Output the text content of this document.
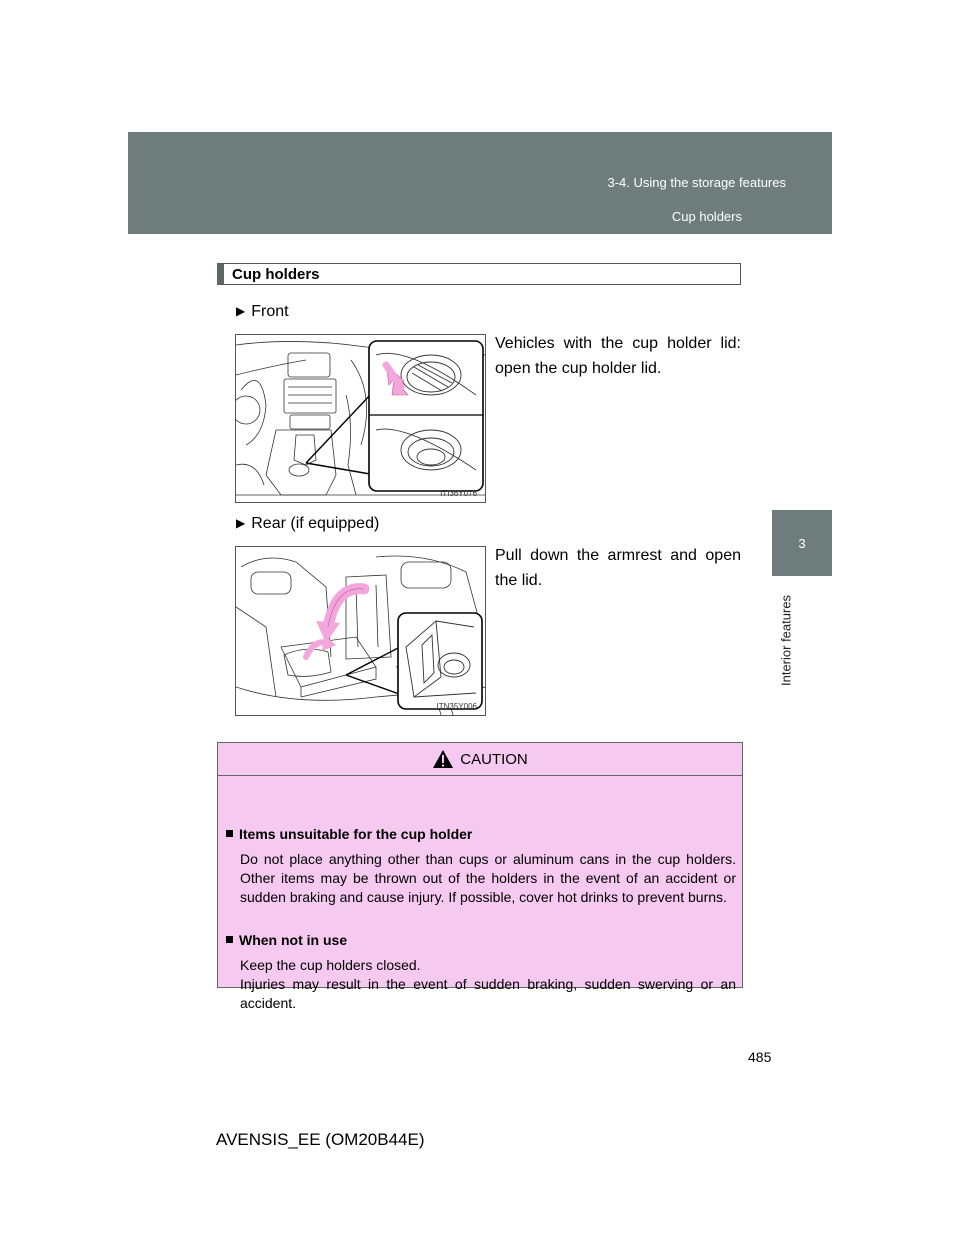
3-4. Using the storage features
Cup holders
3
Interior features
Cup holders
▶ Front
Vehicles with the cup holder lid: open the cup holder lid.
ITI36Y076
▶ Rear (if equipped)
Pull down the armrest and open the lid.
ITN35Y006
CAUTION
Items unsuitable for the cup holder
Do not place anything other than cups or aluminum cans in the cup holders. Other items may be thrown out of the holders in the event of an accident or sudden braking and cause injury. If possible, cover hot drinks to prevent burns.
When not in use
Keep the cup holders closed.
Injuries may result in the event of sudden braking, sudden swerving or an accident.
485
AVENSIS_EE (OM20B44E)
